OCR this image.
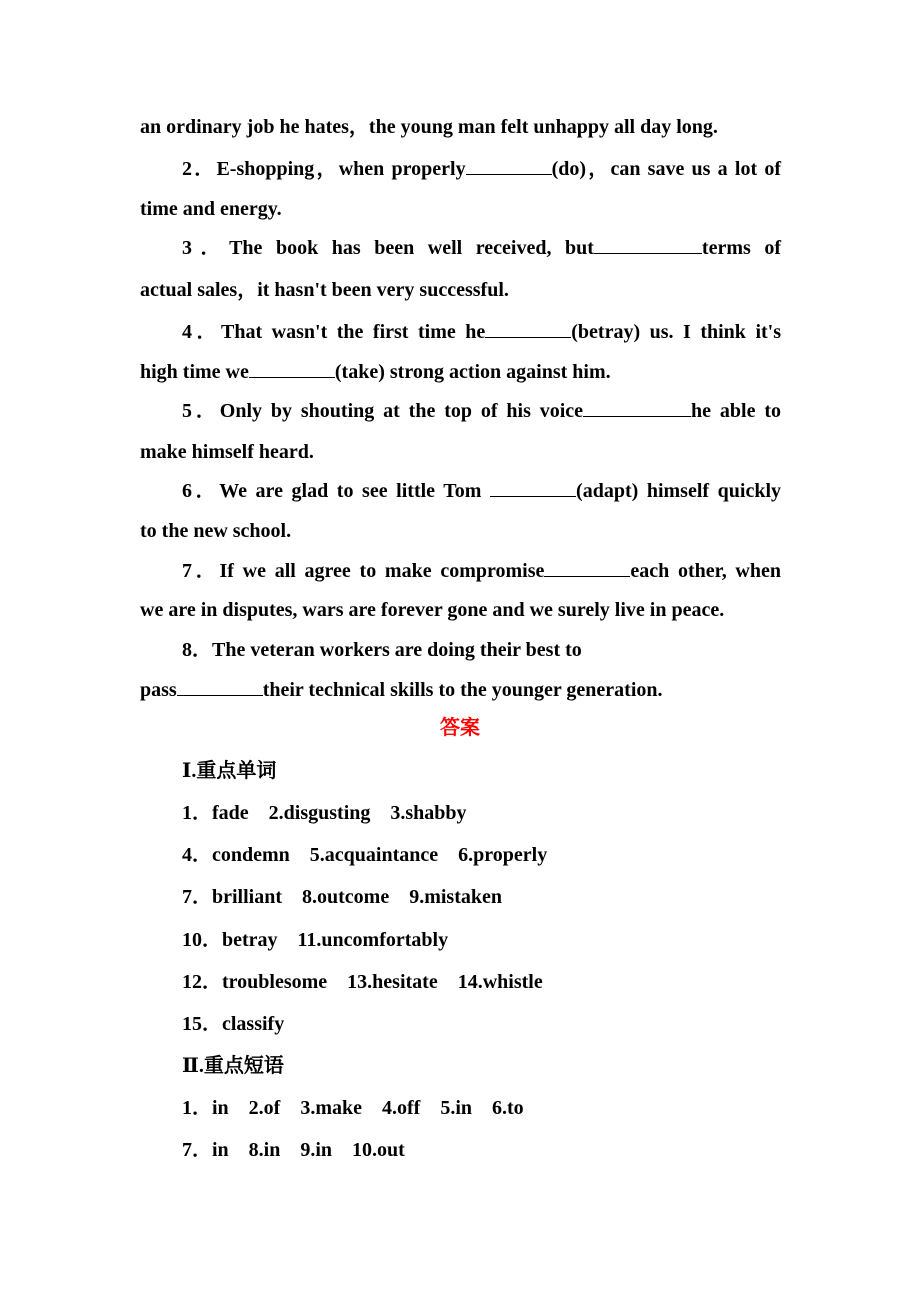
an ordinary job he hates，the young man felt unhappy all day long.
2．E-shopping，when properly	(do)，can save us a lot of
time and energy.
3．The book has been well received, but	terms of
actual sales，it hasn't been very successful.
4．That wasn't the first time he	(betray) us. I think it's
high time we	(take) strong action against him.
5．Only by shouting at the top of his voice	he able to
make himself heard.
6．We are glad to see little Tom	(adapt) himself quickly
to the new school.
7．If we all agree to make compromise	each other, when
we are in disputes, wars are forever gone and we surely live in peace.
8．The veteran workers are doing their best to
pass	their technical skills to the younger generation.
答案
Ⅰ.重点单词
1．fade    2.disgusting    3.shabby
4．condemn    5.acquaintance    6.properly
7．brilliant    8.outcome    9.mistaken
10．betray    11.uncomfortably
12．troublesome    13.hesitate    14.whistle
15．classify
Ⅱ.重点短语
1．in    2.of    3.make    4.off    5.in    6.to
7．in    8.in    9.in    10.out
